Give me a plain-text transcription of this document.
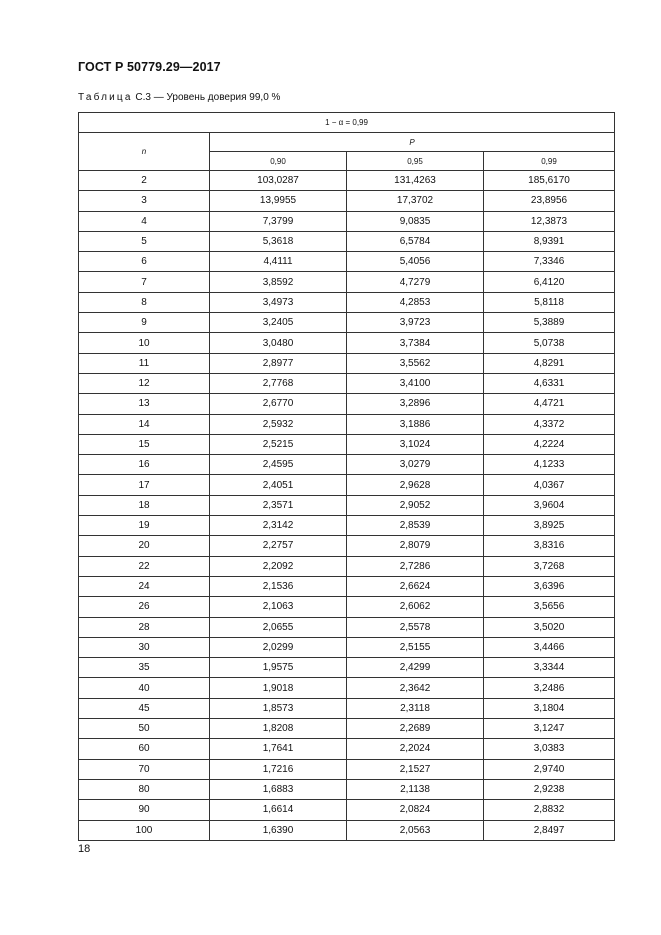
ГОСТ Р 50779.29—2017
Таблица С.3 — Уровень доверия 99,0 %
1 − α = 0,99			
n	P		
	0,90	0,95	0,99
2	103,0287	131,4263	185,6170
3	13,9955	17,3702	23,8956
4	7,3799	9,0835	12,3873
5	5,3618	6,5784	8,9391
6	4,4111	5,4056	7,3346
7	3,8592	4,7279	6,4120
8	3,4973	4,2853	5,8118
9	3,2405	3,9723	5,3889
10	3,0480	3,7384	5,0738
11	2,8977	3,5562	4,8291
12	2,7768	3,4100	4,6331
13	2,6770	3,2896	4,4721
14	2,5932	3,1886	4,3372
15	2,5215	3,1024	4,2224
16	2,4595	3,0279	4,1233
17	2,4051	2,9628	4,0367
18	2,3571	2,9052	3,9604
19	2,3142	2,8539	3,8925
20	2,2757	2,8079	3,8316
22	2,2092	2,7286	3,7268
24	2,1536	2,6624	3,6396
26	2,1063	2,6062	3,5656
28	2,0655	2,5578	3,5020
30	2,0299	2,5155	3,4466
35	1,9575	2,4299	3,3344
40	1,9018	2,3642	3,2486
45	1,8573	2,3118	3,1804
50	1,8208	2,2689	3,1247
60	1,7641	2,2024	3,0383
70	1,7216	2,1527	2,9740
80	1,6883	2,1138	2,9238
90	1,6614	2,0824	2,8832
100	1,6390	2,0563	2,8497
18
